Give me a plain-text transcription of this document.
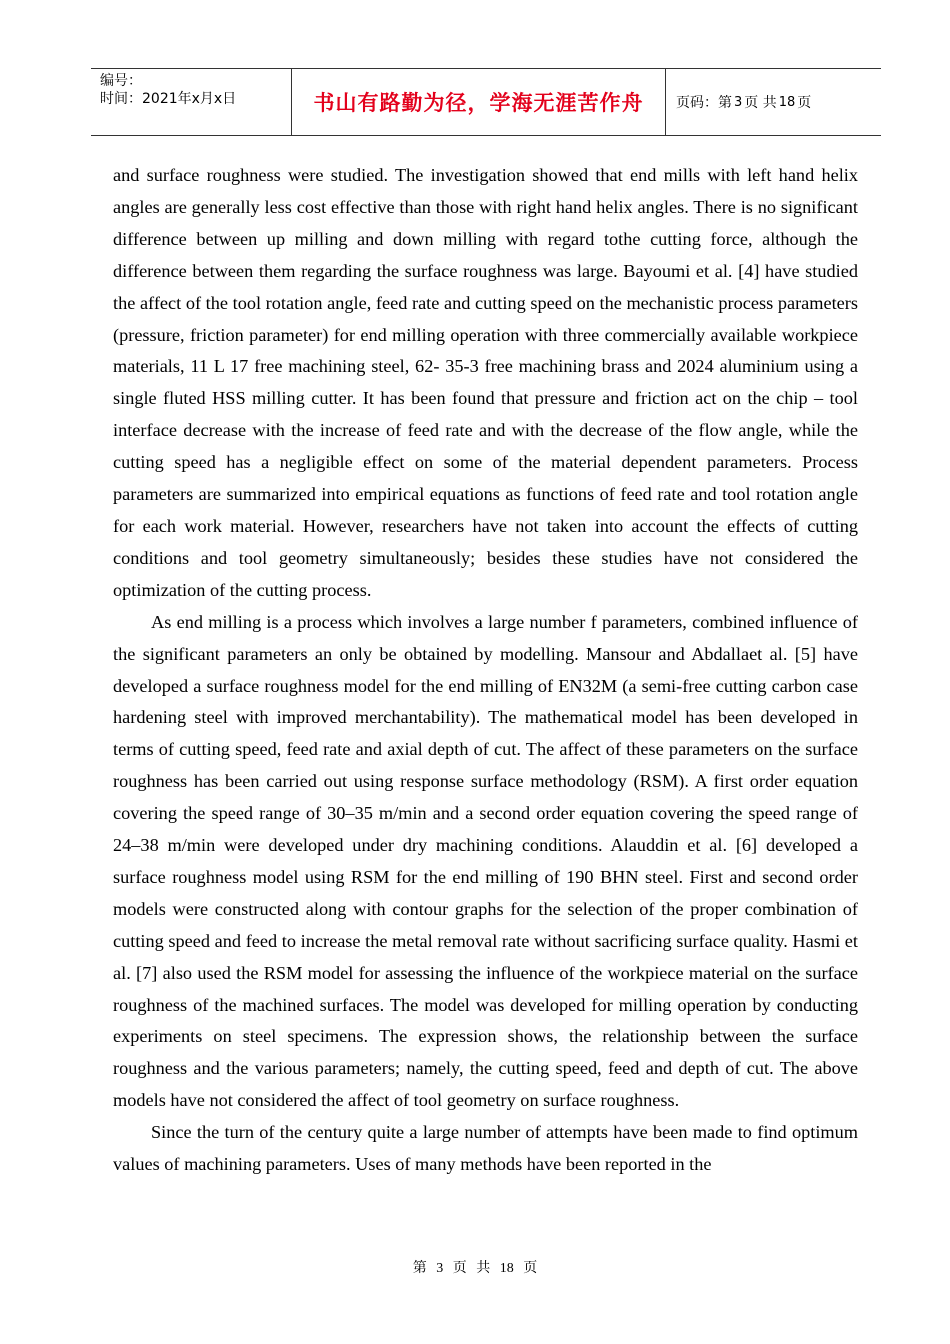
编号：
时间：2021年x月x日	书山有路勤为径，学海无涯苦作舟	页码：第 3 页 共 18 页

and surface roughness were studied. The investigation showed that end mills with left hand helix angles are generally less cost effective than those with right hand helix angles. There is no significant difference between up milling and down milling with regard tothe cutting force, although the difference between them regarding the surface roughness was large. Bayoumi et al. [4] have studied the affect of the tool rotation angle, feed rate and cutting speed on the mechanistic process parameters (pressure, friction parameter) for end milling operation with three commercially available workpiece materials, 11 L 17 free machining steel, 62- 35-3 free machining brass and 2024 aluminium using a single fluted HSS milling cutter. It has been found that pressure and friction act on the chip – tool interface decrease with the increase of feed rate and with the decrease of the flow angle, while the cutting speed has a negligible effect on some of the material dependent parameters. Process parameters are summarized into empirical equations as functions of feed rate and tool rotation angle for each work material. However, researchers have not taken into account the effects of cutting conditions and tool geometry simultaneously; besides these studies have not considered the optimization of the cutting process.

As end milling is a process which involves a large number f parameters, combined influence of the significant parameters an only be obtained by modelling. Mansour and Abdallaet al. [5] have developed a surface roughness model for the end milling of EN32M (a semi-free cutting carbon case hardening steel with improved merchantability). The mathematical model has been developed in terms of cutting speed, feed rate and axial depth of cut. The affect of these parameters on the surface roughness has been carried out using response surface methodology (RSM). A first order equation covering the speed range of 30–35 m/min and a second order equation covering the speed range of 24–38 m/min were developed under dry machining conditions. Alauddin et al. [6] developed a surface roughness model using RSM for the end milling of 190 BHN steel. First and second order models were constructed along with contour graphs for the selection of the proper combination of cutting speed and feed to increase the metal removal rate without sacrificing surface quality. Hasmi et al. [7] also used the RSM model for assessing the influence of the workpiece material on the surface roughness of the machined surfaces. The model was developed for milling operation by conducting experiments on steel specimens. The expression shows, the relationship between the surface roughness and the various parameters; namely, the cutting speed, feed and depth of cut. The above models have not considered the affect of tool geometry on surface roughness.

Since the turn of the century quite a large number of attempts have been made to find optimum values of machining parameters. Uses of many methods have been reported in the

第 3 页 共 18 页
